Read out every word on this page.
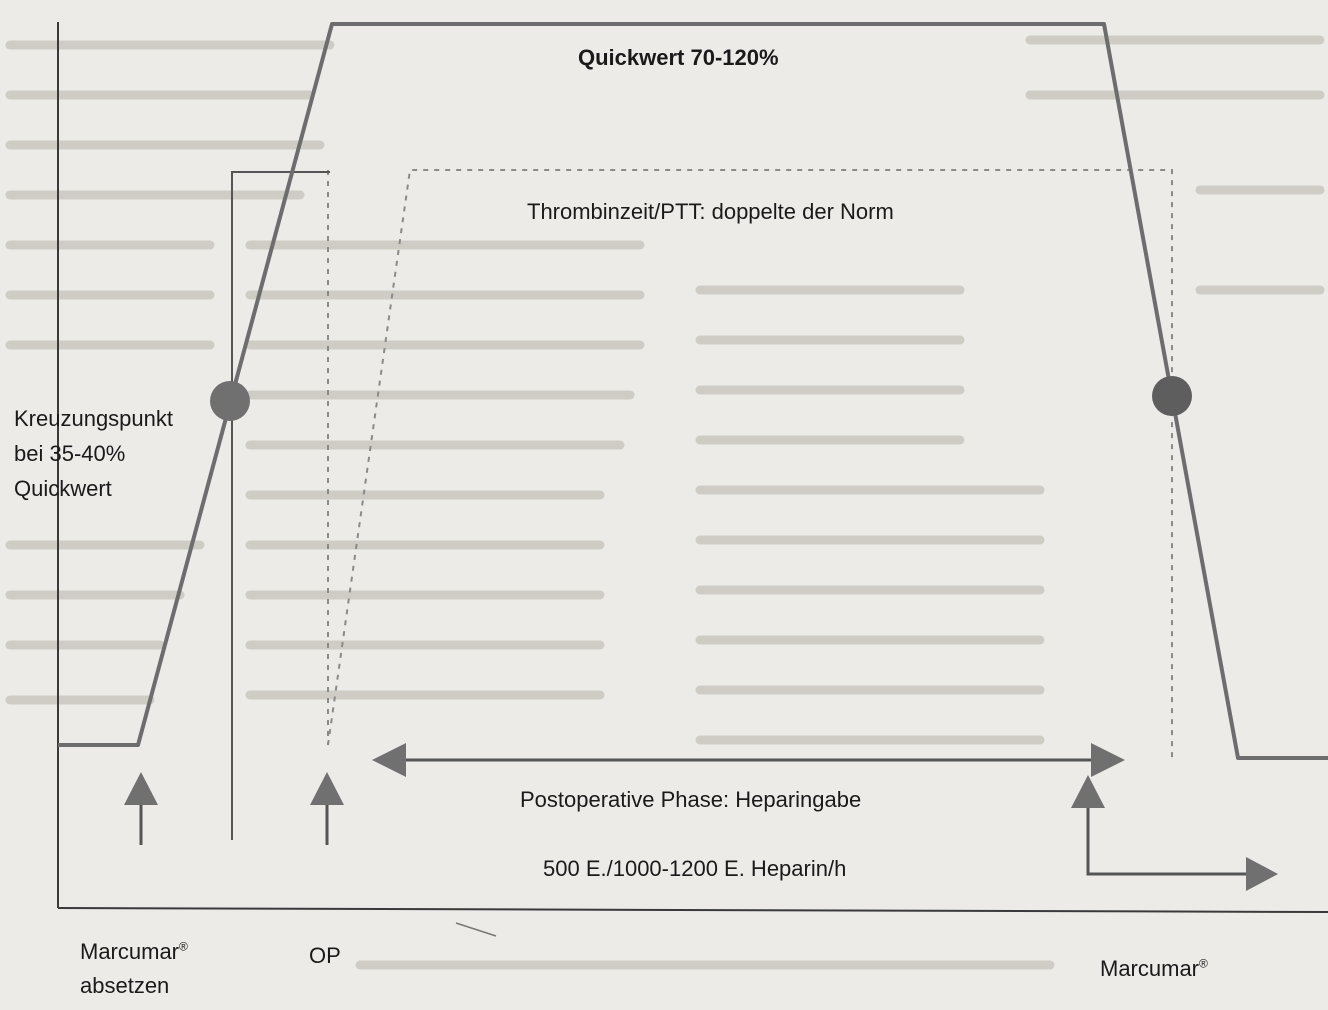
Quickwert 70-120%
Thrombinzeit/PTT: doppelte der Norm
Kreuzungspunkt
bei 35-40%
Quickwert
Postoperative Phase: Heparingabe
500 E./1000-1200 E. Heparin/h
Marcumar®
absetzen
OP
Marcumar®
